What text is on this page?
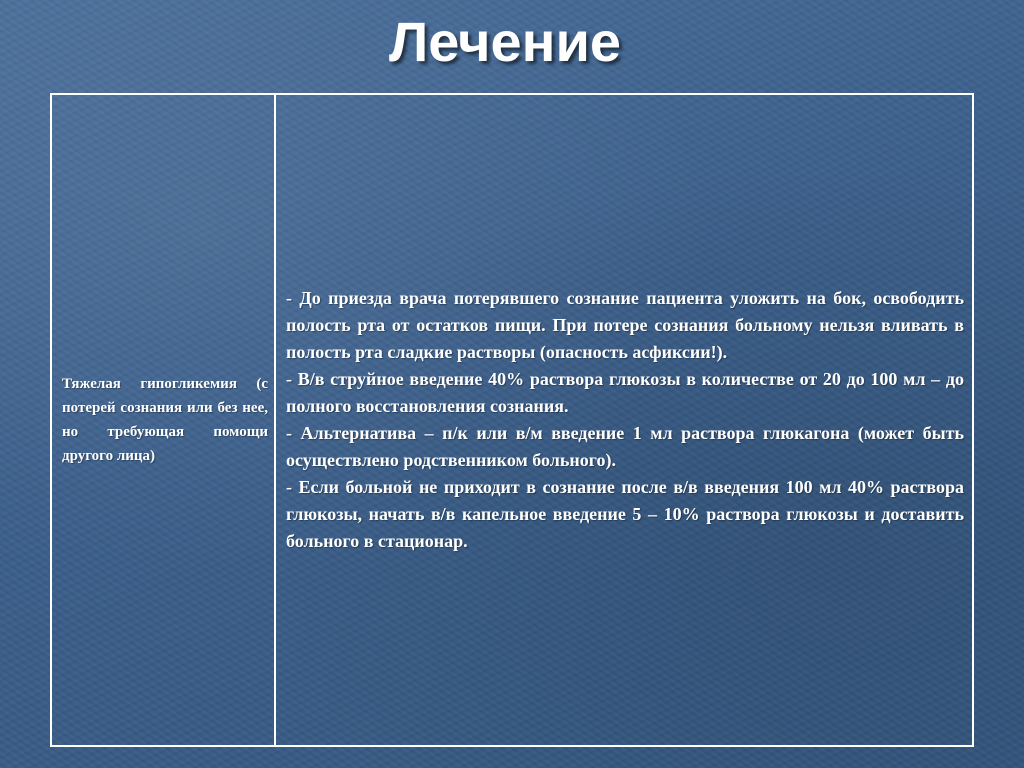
Лечение

Тяжелая гипогликемия (с потерей сознания или без нее, но требующая помощи другого лица)

- До приезда врача потерявшего сознание пациента уложить на бок, освободить полость рта от остатков пищи. При потере сознания больному нельзя вливать в полость рта сладкие растворы (опасность асфиксии!).

- В/в струйное введение 40% раствора глюкозы в количестве от 20 до 100 мл – до полного восстановления сознания.

- Альтернатива – п/к или в/м введение 1 мл раствора глюкагона (может быть осуществлено родственником больного).

- Если больной не приходит в сознание после в/в введения 100 мл 40% раствора глюкозы, начать в/в капельное введение 5 – 10% раствора глюкозы и доставить больного в стационар.
